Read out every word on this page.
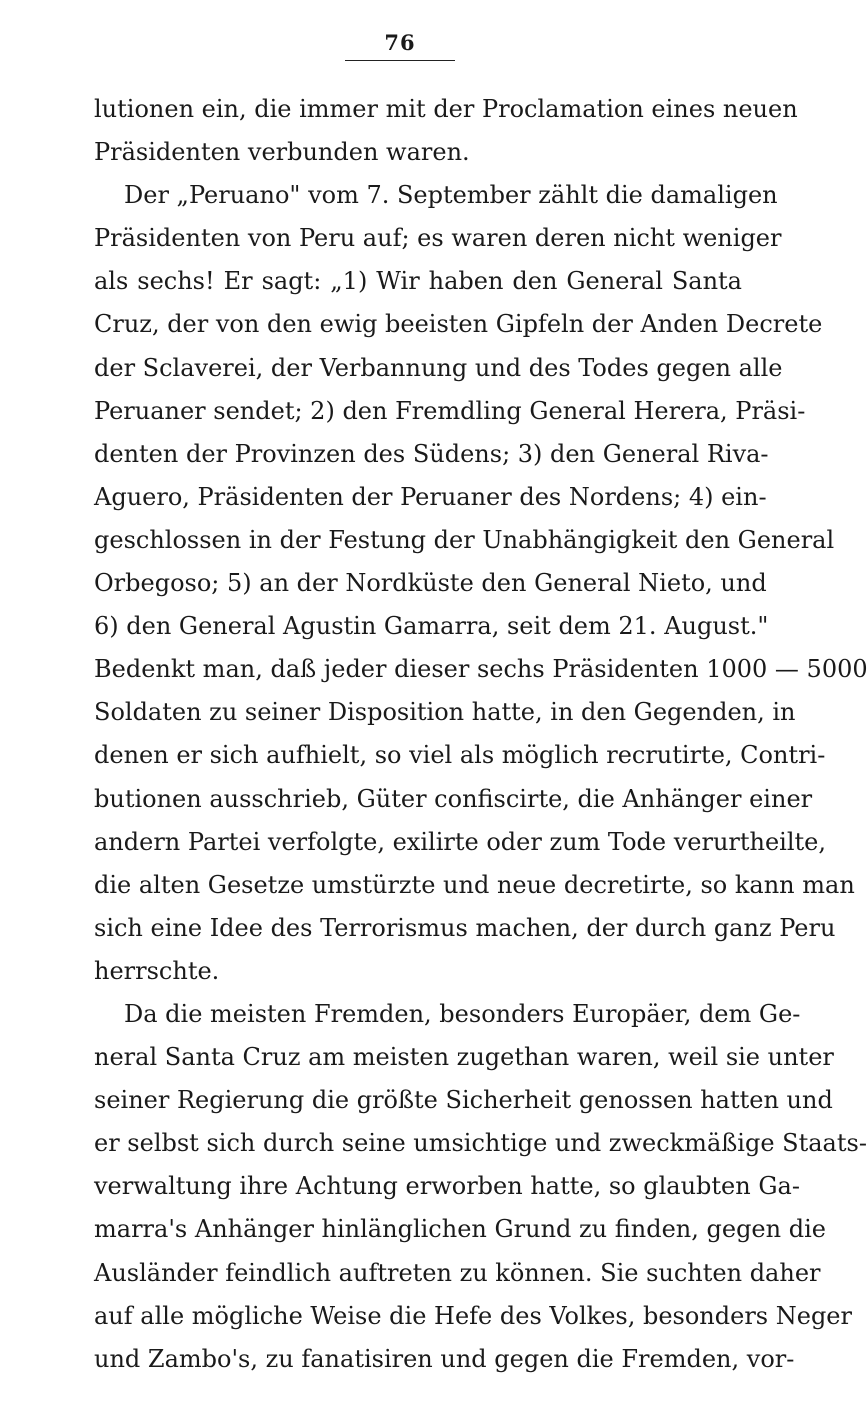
76
lutionen ein, die immer mit der Proclamation eines neuen
Präsidenten verbunden waren.
Der „Peruano" vom 7. September zählt die damaligen
Präsidenten von Peru auf; es waren deren nicht weniger
als sechs! Er sagt: „1) Wir haben den General Santa
Cruz, der von den ewig beeisten Gipfeln der Anden Decrete
der Sclaverei, der Verbannung und des Todes gegen alle
Peruaner sendet; 2) den Fremdling General Herera, Präsi-
denten der Provinzen des Südens; 3) den General Riva-
Aguero, Präsidenten der Peruaner des Nordens; 4) ein-
geschlossen in der Festung der Unabhängigkeit den General
Orbegoso; 5) an der Nordküste den General Nieto, und
6) den General Agustin Gamarra, seit dem 21. August."
Bedenkt man, daß jeder dieser sechs Präsidenten 1000 — 5000
Soldaten zu seiner Disposition hatte, in den Gegenden, in
denen er sich aufhielt, so viel als möglich recrutirte, Contri-
butionen ausschrieb, Güter confiscirte, die Anhänger einer
andern Partei verfolgte, exilirte oder zum Tode verurtheilte,
die alten Gesetze umstürzte und neue decretirte, so kann man
sich eine Idee des Terrorismus machen, der durch ganz Peru
herrschte.
Da die meisten Fremden, besonders Europäer, dem Ge-
neral Santa Cruz am meisten zugethan waren, weil sie unter
seiner Regierung die größte Sicherheit genossen hatten und
er selbst sich durch seine umsichtige und zweckmäßige Staats-
verwaltung ihre Achtung erworben hatte, so glaubten Ga-
marra's Anhänger hinlänglichen Grund zu finden, gegen die
Ausländer feindlich auftreten zu können. Sie suchten daher
auf alle mögliche Weise die Hefe des Volkes, besonders Neger
und Zambo's, zu fanatisiren und gegen die Fremden, vor-
